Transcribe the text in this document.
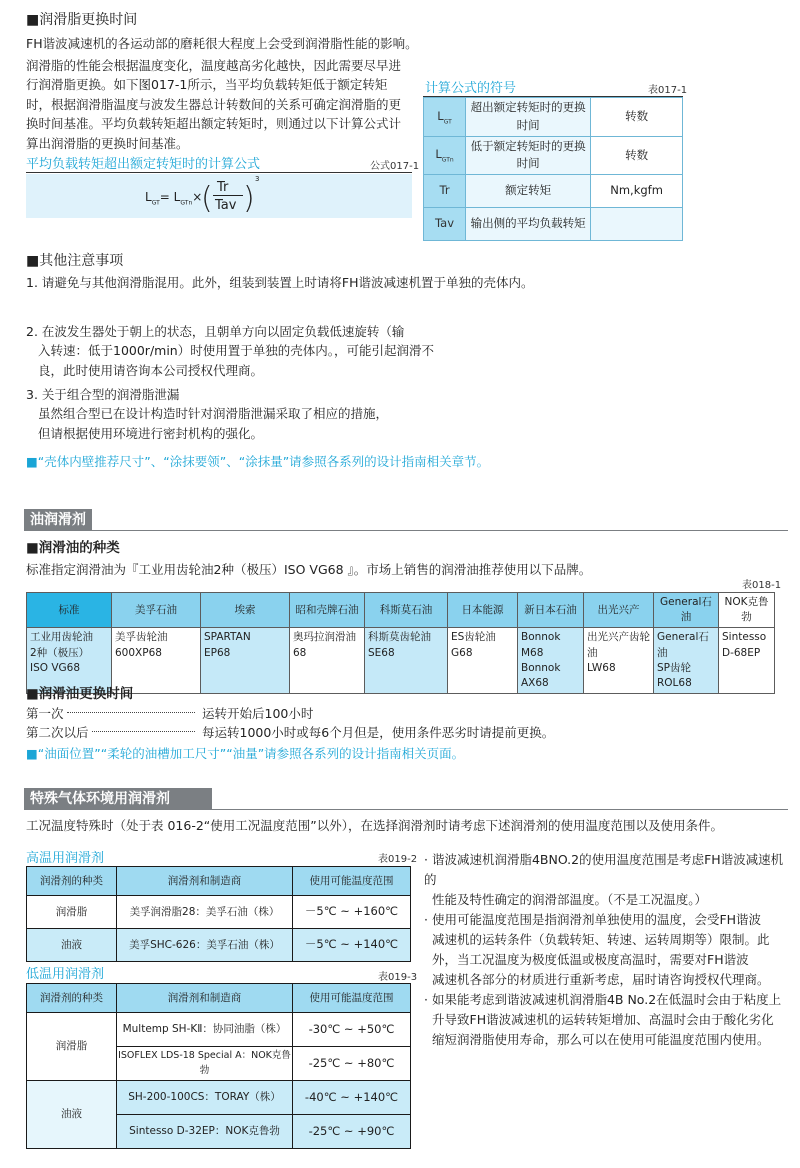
■润滑脂更换时间

FH谐波减速机的各运动部的磨耗很大程度上会受到润滑脂性能的影响。

润滑脂的性能会根据温度变化，温度越高劣化越快，因此需要尽早进

行润滑脂更换。如下图017-1所示，当平均负载转矩低于额定转矩

时，根据润滑脂温度与波发生器总计转数间的关系可确定润滑脂的更

换时间基准。平均负载转矩超出额定转矩时，则通过以下计算公式计

算出润滑脂的更换时间基准。

平均负载转矩超出额定转矩时的计算公式	公式017-1
$L_{GT}= L_{GTn}\times$
( Tr
Tav )
3
计算公式的符号	表017-1
$L_{GT}$	超出额定转矩时的更换时间	转数
$L_{GTn}$	低于额定转矩时的更换时间	转数
Tr	额定转矩	Nm,kgfm
Tav	输出侧的平均负载转矩	
■其他注意事项

1. 请避免与其他润滑脂混用。此外，组装到装置上时请将FH谐波减速机置于单独的壳体内。

2. 在波发生器处于朝上的状态，且朝单方向以固定负载低速旋转（输

入转速：低于1000r/min）时使用置于单独的壳体内。，可能引起润滑不

良，此时使用请咨询本公司授权代理商。

3. 关于组合型的润滑脂泄漏

虽然组合型已在设计构造时针对润滑脂泄漏采取了相应的措施，

但请根据使用环境进行密封机构的强化。

■“壳体内壁推荐尺寸”、“涂抹要领”、“涂抹量”请参照各系列的设计指南相关章节。

油润滑剂
■润滑油的种类

标准指定润滑油为『工业用齿轮油2种（极压）ISO VG68 』。市场上销售的润滑油推荐使用以下品牌。

表018-1
标准	美孚石油	埃索	昭和壳牌石油	科斯莫石油	日本能源	新日本石油	出光兴产	General石油	NOK克鲁勃
工业用齿轮油
2种（极压）
ISO VG68	美孚齿轮油
600XP68	SPARTAN
EP68	奥玛拉润滑油
68	科斯莫齿轮油
SE68	ES齿轮油
G68	Bonnok
M68
Bonnok AX68	出光兴产齿轮油
LW68	General石油
SP齿轮
ROL68	Sintesso
D-68EP
■润滑油更换时间
第一次	运转开始后100小时
第二次以后	每运转1000小时或每6个月但是，使用条件恶劣时请提前更换。

■“油面位置”“柔轮的油槽加工尺寸”“油量”请参照各系列的设计指南相关页面。

特殊气体环境用润滑剂

工况温度特殊时（处于表 016-2“使用工况温度范围”以外），在选择润滑剂时请考虑下述润滑剂的使用温度范围以及使用条件。

高温用润滑剂	表019-2
润滑剂的种类	润滑剂和制造商	使用可能温度范围
润滑脂	美孚润滑脂28：美孚石油（株）	－5℃ ~ +160℃
油液	美孚SHC-626：美孚石油（株）	－5℃ ~ +140℃
低温用润滑剂	表019-3
润滑剂的种类	润滑剂和制造商	使用可能温度范围
润滑脂	Multemp SH-KⅡ：协同油脂（株）	-30℃ ~ +50℃
	ISOFLEX LDS-18 Special A：NOK克鲁勃	-25℃ ~ +80℃
油液	SH-200-100CS：TORAY（株）	-40℃ ~ +140℃
	Sintesso D-32EP：NOK克鲁勃	-25℃ ~ +90℃

· 谐波减速机润滑脂4BNO.2的使用温度范围是考虑FH谐波减速机 的

性能及特性确定的润滑部温度。（不是工况温度。）

· 使用可能温度范围是指润滑剂单独使用的温度，会受FH谐波

减速机的运转条件（负载转矩、转速、运转周期等）限制。此

外，当工况温度为极度低温或极度高温时，需要对FH谐波

减速机各部分的材质进行重新考虑，届时请咨询授权代理商。

· 如果能考虑到谐波减速机润滑脂4B No.2在低温时会由于粘度上

升导致FH谐波减速机的运转转矩增加、高温时会由于酸化劣化

缩短润滑脂使用寿命，那么可以在使用可能温度范围内使用。
